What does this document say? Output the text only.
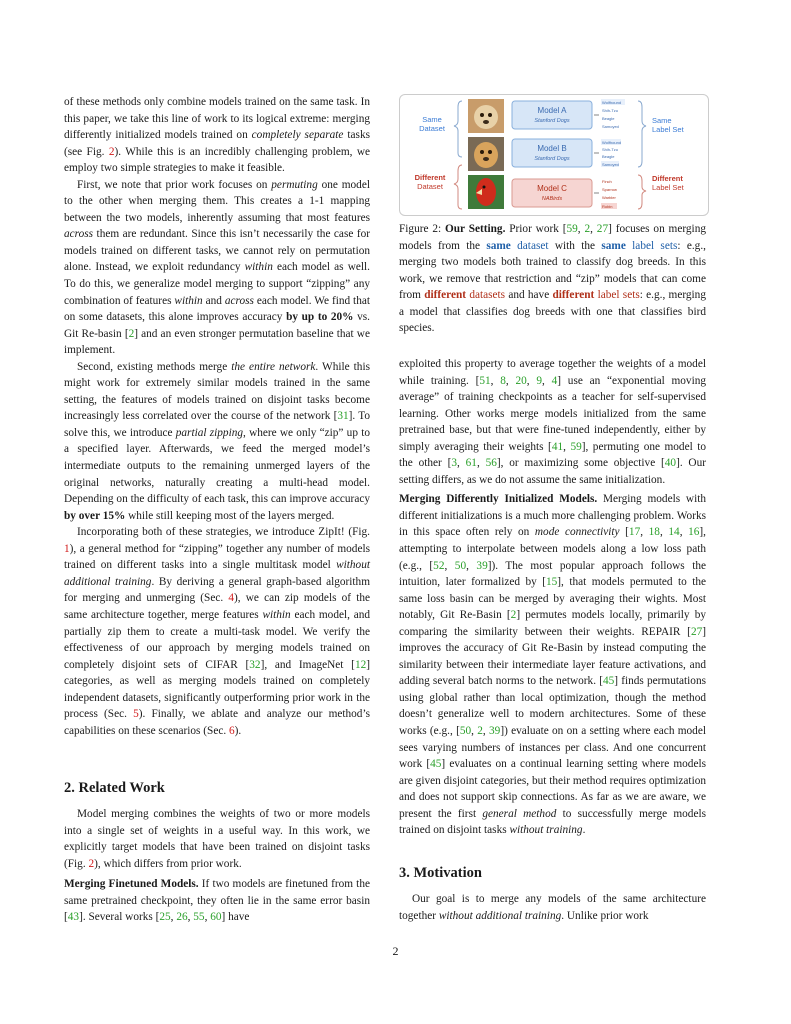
of these methods only combine models trained on the same task. In this paper, we take this line of work to its logical extreme: merging differently initialized models trained on completely separate tasks (see Fig. 2). While this is an incredibly challenging problem, we employ two simple strategies to make it feasible.

First, we note that prior work focuses on permuting one model to the other when merging them. This creates a 1-1 mapping between the two models, inherently assuming that most features across them are redundant. Since this isn’t necessarily the case for models trained on different tasks, we cannot rely on permutation alone. Instead, we exploit redundancy within each model as well. To do this, we generalize model merging to support “zipping” any combination of features within and across each model. We find that on some datasets, this alone improves accuracy by up to 20% vs. Git Re-basin [2] and an even stronger permutation baseline that we implement.

Second, existing methods merge the entire network. While this might work for extremely similar models trained in the same setting, the features of models trained on disjoint tasks become increasingly less correlated over the course of the network [31]. To solve this, we introduce partial zipping, where we only “zip” up to a specified layer. Afterwards, we feed the merged model’s intermediate outputs to the remaining unmerged layers of the original networks, naturally creating a multi-head model. Depending on the difficulty of each task, this can improve accuracy by over 15% while still keeping most of the layers merged.

Incorporating both of these strategies, we introduce ZipIt! (Fig. 1), a general method for “zipping” together any number of models trained on different tasks into a single multitask model without additional training. By deriving a general graph-based algorithm for merging and unmerging (Sec. 4), we can zip models of the same architecture together, merge features within each model, and partially zip them to create a multi-task model. We verify the effectiveness of our approach by merging models trained on completely disjoint sets of CIFAR [32], and ImageNet [12] categories, as well as merging models trained on completely independent datasets, significantly outperforming prior work in the process (Sec. 5). Finally, we ablate and analyze our method’s capabilities on these scenarios (Sec. 6).

2. Related Work

Model merging combines the weights of two or more models into a single set of weights in a useful way. In this work, we explicitly target models that have been trained on disjoint tasks (Fig. 2), which differs from prior work.

Merging Finetuned Models. If two models are finetuned from the same pretrained checkpoint, they often lie in the same error basin [43]. Several works [25, 26, 55, 60] have

Same
Dataset
Different
Dataset
Model A
Stanford Dogs
Model B
Stanford Dogs
Model C
NABirds
Wolfhound
Shih-Tzu
Beagle
Samoyed
Wolfhound
Shih-Tzu
Beagle
Samoyed
Finch
Sparrow
Warbler
Robin
Same
Label Set
Different
Label Set
Figure 2: Our Setting. Prior work [59, 2, 27] focuses on merging models from the same dataset with the same label sets: e.g., merging two models both trained to classify dog breeds. In this work, we remove that restriction and “zip” models that can come from different datasets and have different label sets: e.g., merging a model that classifies dog breeds with one that classifies bird species.

exploited this property to average together the weights of a model while training. [51, 8, 20, 9, 4] use an “exponential moving average” of training checkpoints as a teacher for self-supervised learning. Other works merge models initialized from the same pretrained base, but that were fine-tuned independently, either by simply averaging their weights [41, 59], permuting one model to the other [3, 61, 56], or maximizing some objective [40]. Our setting differs, as we do not assume the same initialization.

Merging Differently Initialized Models. Merging models with different initializations is a much more challenging problem. Works in this space often rely on mode connectivity [17, 18, 14, 16], attempting to interpolate between models along a low loss path (e.g., [52, 50, 39]). The most popular approach follows the intuition, later formalized by [15], that models permuted to the same loss basin can be merged by averaging their wights. Most notably, Git Re-Basin [2] permutes models locally, primarily by comparing the similarity between their weights. REPAIR [27] improves the accuracy of Git Re-Basin by instead computing the similarity between their intermediate layer feature activations, and adding several batch norms to the network. [45] finds permutations using global rather than local optimization, though the method doesn’t generalize well to modern architectures. Some of these works (e.g., [50, 2, 39]) evaluate on on a setting where each model sees varying numbers of instances per class. And one concurrent work [45] evaluates on a continual learning setting where models are given disjoint categories, but their method requires optimization and does not support skip connections. As far as we are aware, we present the first general method to successfully merge models trained on disjoint tasks without training.

3. Motivation

Our goal is to merge any models of the same architecture together without additional training. Unlike prior work

2
